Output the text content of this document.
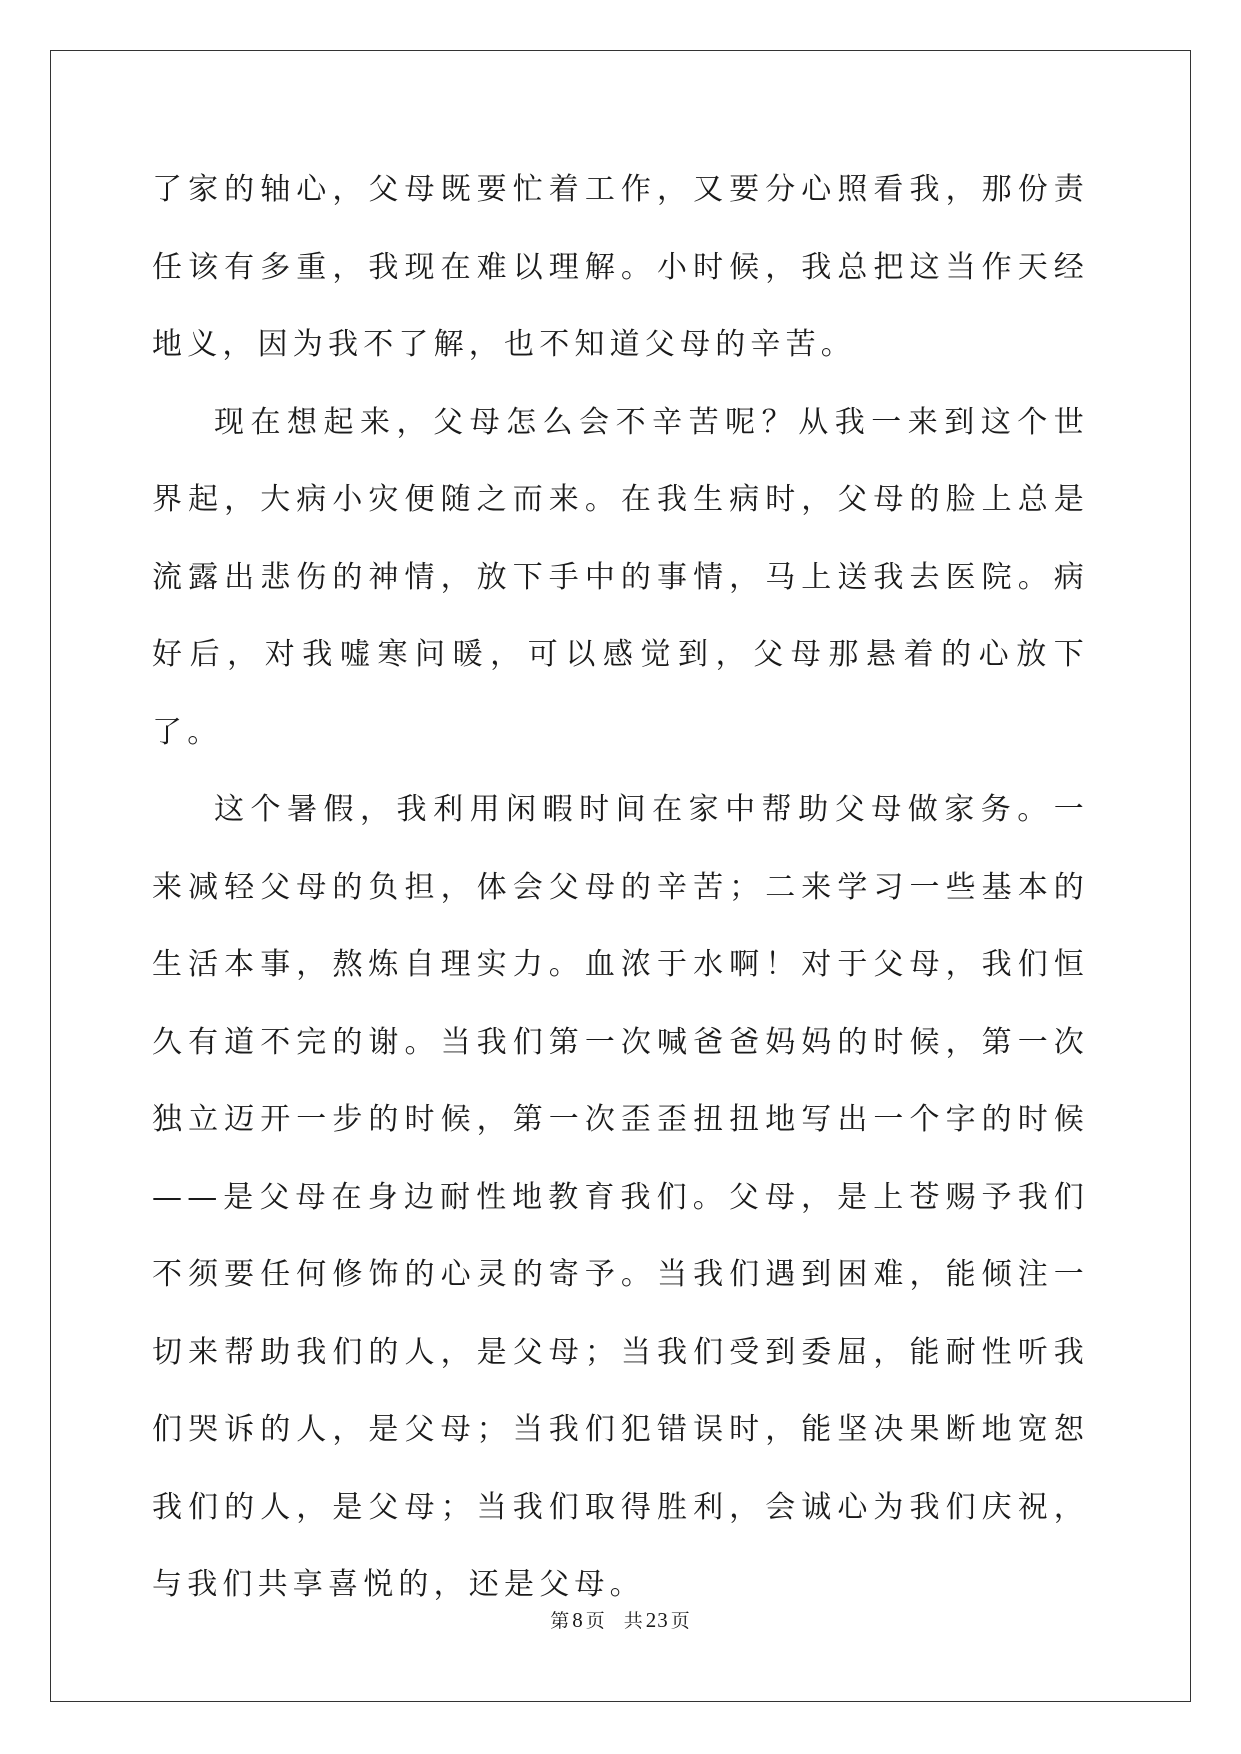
了家的轴心，父母既要忙着工作，又要分心照看我，那份责任该有多重，我现在难以理解。小时候，我总把这当作天经地义，因为我不了解，也不知道父母的辛苦。

现在想起来，父母怎么会不辛苦呢？从我一来到这个世界起，大病小灾便随之而来。在我生病时，父母的脸上总是流露出悲伤的神情，放下手中的事情，马上送我去医院。病好后，对我嘘寒问暖，可以感觉到，父母那悬着的心放下了。

这个暑假，我利用闲暇时间在家中帮助父母做家务。一来减轻父母的负担，体会父母的辛苦；二来学习一些基本的生活本事，熬炼自理实力。血浓于水啊！对于父母，我们恒久有道不完的谢。当我们第一次喊爸爸妈妈的时候，第一次独立迈开一步的时候，第一次歪歪扭扭地写出一个字的时候——是父母在身边耐性地教育我们。父母，是上苍赐予我们不须要任何修饰的心灵的寄予。当我们遇到困难，能倾注一切来帮助我们的人，是父母；当我们受到委屈，能耐性听我们哭诉的人，是父母；当我们犯错误时，能坚决果断地宽恕我们的人，是父母；当我们取得胜利，会诚心为我们庆祝，与我们共享喜悦的，还是父母。

第8 页 共23 页
